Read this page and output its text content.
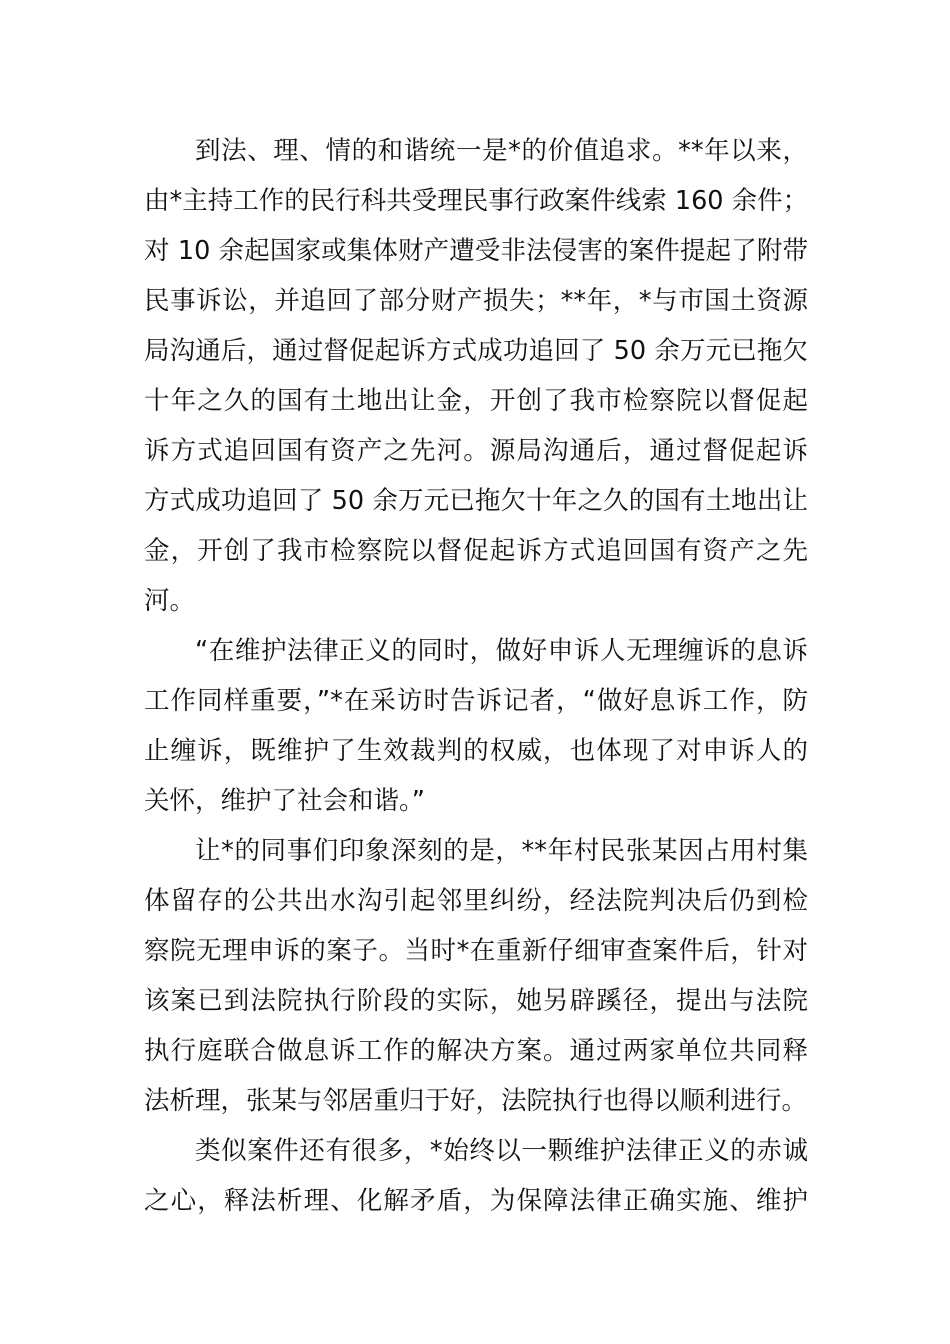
到法、理、情的和谐统一是*的价值追求。**年以来，
由*主持工作的民行科共受理民事行政案件线索 160 余件；
对 10 余起国家或集体财产遭受非法侵害的案件提起了附带
民事诉讼，并追回了部分财产损失；**年，*与市国土资源
局沟通后，通过督促起诉方式成功追回了 50 余万元已拖欠
十年之久的国有土地出让金，开创了我市检察院以督促起
诉方式追回国有资产之先河。源局沟通后，通过督促起诉
方式成功追回了 50 余万元已拖欠十年之久的国有土地出让
金，开创了我市检察院以督促起诉方式追回国有资产之先
河。
“在维护法律正义的同时，做好申诉人无理缠诉的息诉
工作同样重要，”*在采访时告诉记者，“做好息诉工作，防
止缠诉，既维护了生效裁判的权威，也体现了对申诉人的
关怀，维护了社会和谐。”
让*的同事们印象深刻的是，**年村民张某因占用村集
体留存的公共出水沟引起邻里纠纷，经法院判决后仍到检
察院无理申诉的案子。当时*在重新仔细审查案件后，针对
该案已到法院执行阶段的实际，她另辟蹊径，提出与法院
执行庭联合做息诉工作的解决方案。通过两家单位共同释
法析理，张某与邻居重归于好，法院执行也得以顺利进行。
类似案件还有很多，*始终以一颗维护法律正义的赤诚
之心，释法析理、化解矛盾，为保障法律正确实施、维护
